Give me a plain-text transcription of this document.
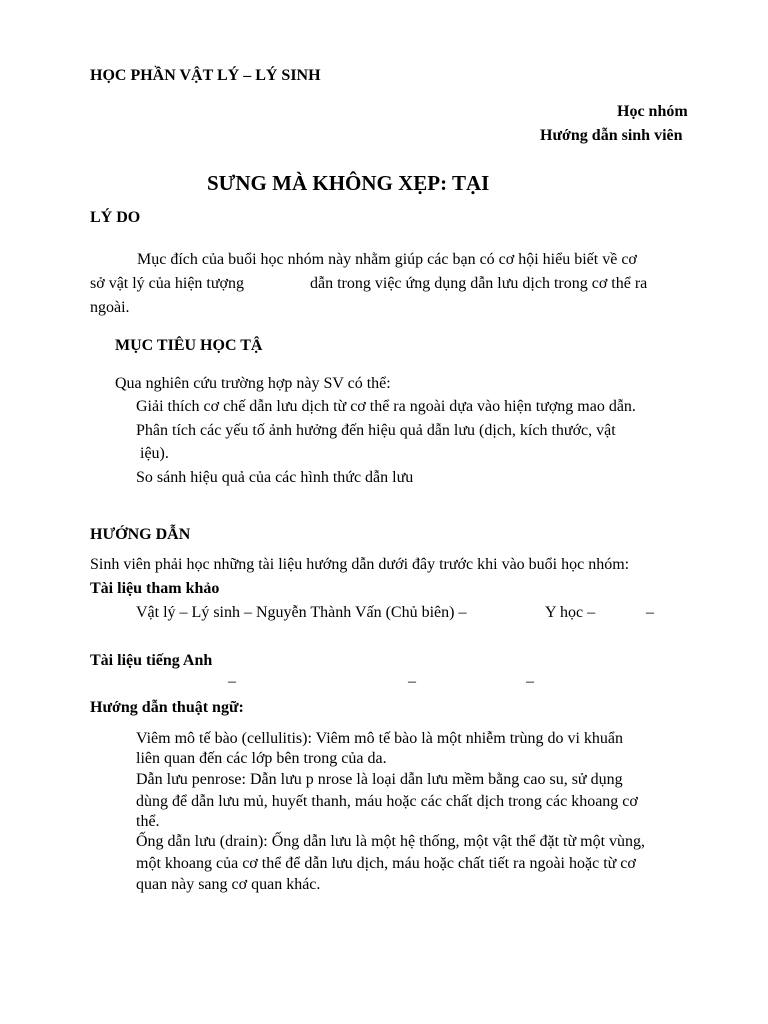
HỌC PHẦN VẬT LÝ – LÝ SINH
Học nhóm
Hướng dẫn sinh viên
SƯNG MÀ KHÔNG XẸP: TẠI
LÝ DO
Mục đích của buổi học nhóm này nhằm giúp các bạn có cơ hội hiểu biết về cơ
sở vật lý của hiện tượng	dẫn trong việc ứng dụng dẫn lưu dịch trong cơ thể ra
ngoài.
MỤC TIÊU HỌC TẬ
Qua nghiên cứu trường hợp này SV có thể:
Giải thích cơ chế dẫn lưu dịch từ cơ thể ra ngoài dựa vào hiện tượng mao dẫn.
Phân tích các yếu tố ảnh hưởng đến hiệu quả dẫn lưu (dịch, kích thước, vật
iệu).
So sánh hiệu quả của các hình thức dẫn lưu
HƯỚNG DẪN
Sinh viên phải học những tài liệu hướng dẫn dưới đây trước khi vào buổi học nhóm:
Tài liệu tham khảo
Vật lý – Lý sinh – Nguyễn Thành Vấn (Chủ biên) –	Y học –	–
Tài liệu tiếng Anh
–	–	–
Hướng dẫn thuật ngữ:
Viêm mô tế bào (cellulitis): Viêm mô tế bào là một nhiễm trùng do vi khuẩn
liên quan đến các lớp bên trong của da.
Dẫn lưu penrose: Dẫn lưu p nrose là loại dẫn lưu mềm bằng cao su, sử dụng
dùng để dẫn lưu mủ, huyết thanh, máu hoặc các chất dịch trong các khoang cơ
thể.
Ống dẫn lưu (drain): Ống dẫn lưu là một hệ thống, một vật thể đặt từ một vùng,
một khoang của cơ thể để dẫn lưu dịch, máu hoặc chất tiết ra ngoài hoặc từ cơ
quan này sang cơ quan khác.
